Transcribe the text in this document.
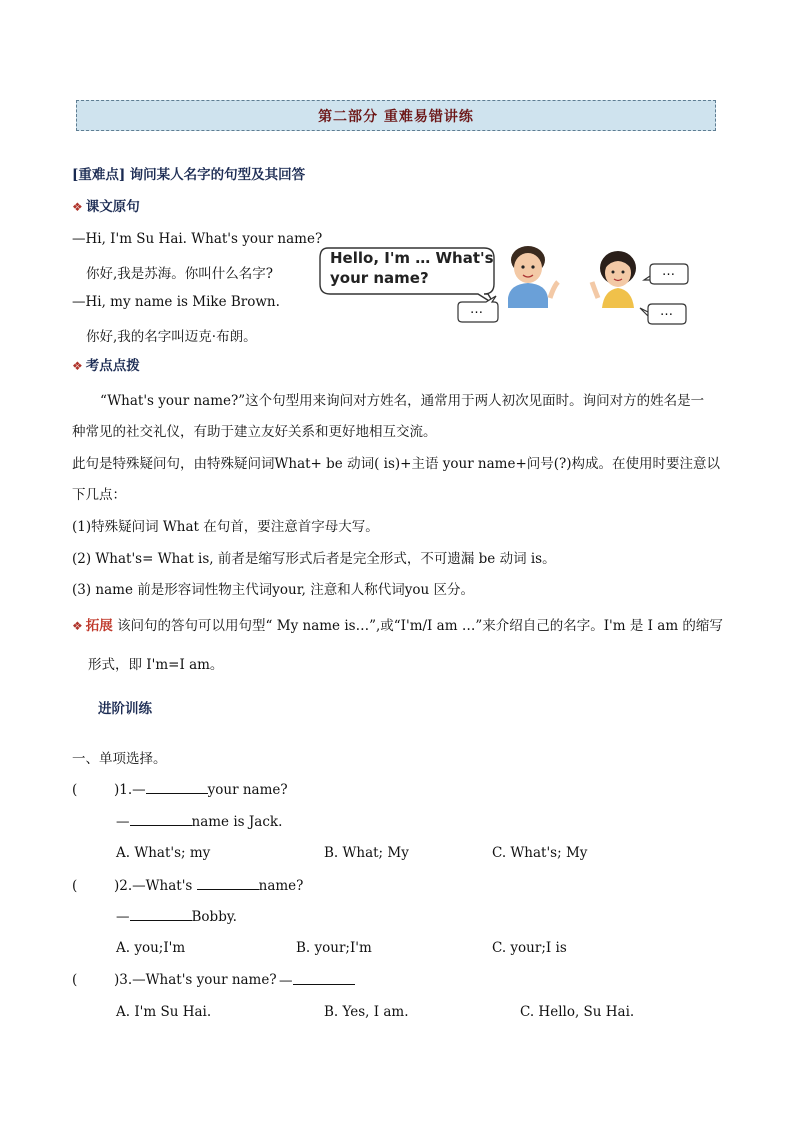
第二部分 重难易错讲练
[重难点] 询问某人名字的句型及其回答
❖ 课文原句
—Hi, I'm Su Hai. What's your name?
你好,我是苏海。你叫什么名字?
—Hi, my name is Mike Brown.
你好,我的名字叫迈克·布朗。
Hello, I'm … What's
your name?
…
…
…
❖ 考点点拨
“What's your name?”这个句型用来询问对方姓名，通常用于两人初次见面时。询问对方的姓名是一
种常见的社交礼仪，有助于建立友好关系和更好地相互交流。
此句是特殊疑问句，由特殊疑问词What+ be 动词( is)+主语 your name+问号(?)构成。在使用时要注意以
下几点：
(1)特殊疑问词 What 在句首，要注意首字母大写。
(2) What's= What is, 前者是缩写形式后者是完全形式，不可遗漏 be 动词 is。
(3) name 前是形容词性物主代词your, 注意和人称代词you 区分。
❖ 拓展 该问句的答句可以用句型“ My name is…”,或“I'm/I am …”来介绍自己的名字。I'm 是 I am 的缩写
形式，即 I'm=I am。
进阶训练
一、单项选择。
(	)1.—	your name?
—	name is Jack.
A. What's; my	B. What; My	C. What's; My
(	)2.—What's	name?
—	Bobby.
A. you;I'm	B. your;I'm	C. your;I is
(	)3.—What's your name? —
A. I'm Su Hai.	B. Yes, I am.	C. Hello, Su Hai.
